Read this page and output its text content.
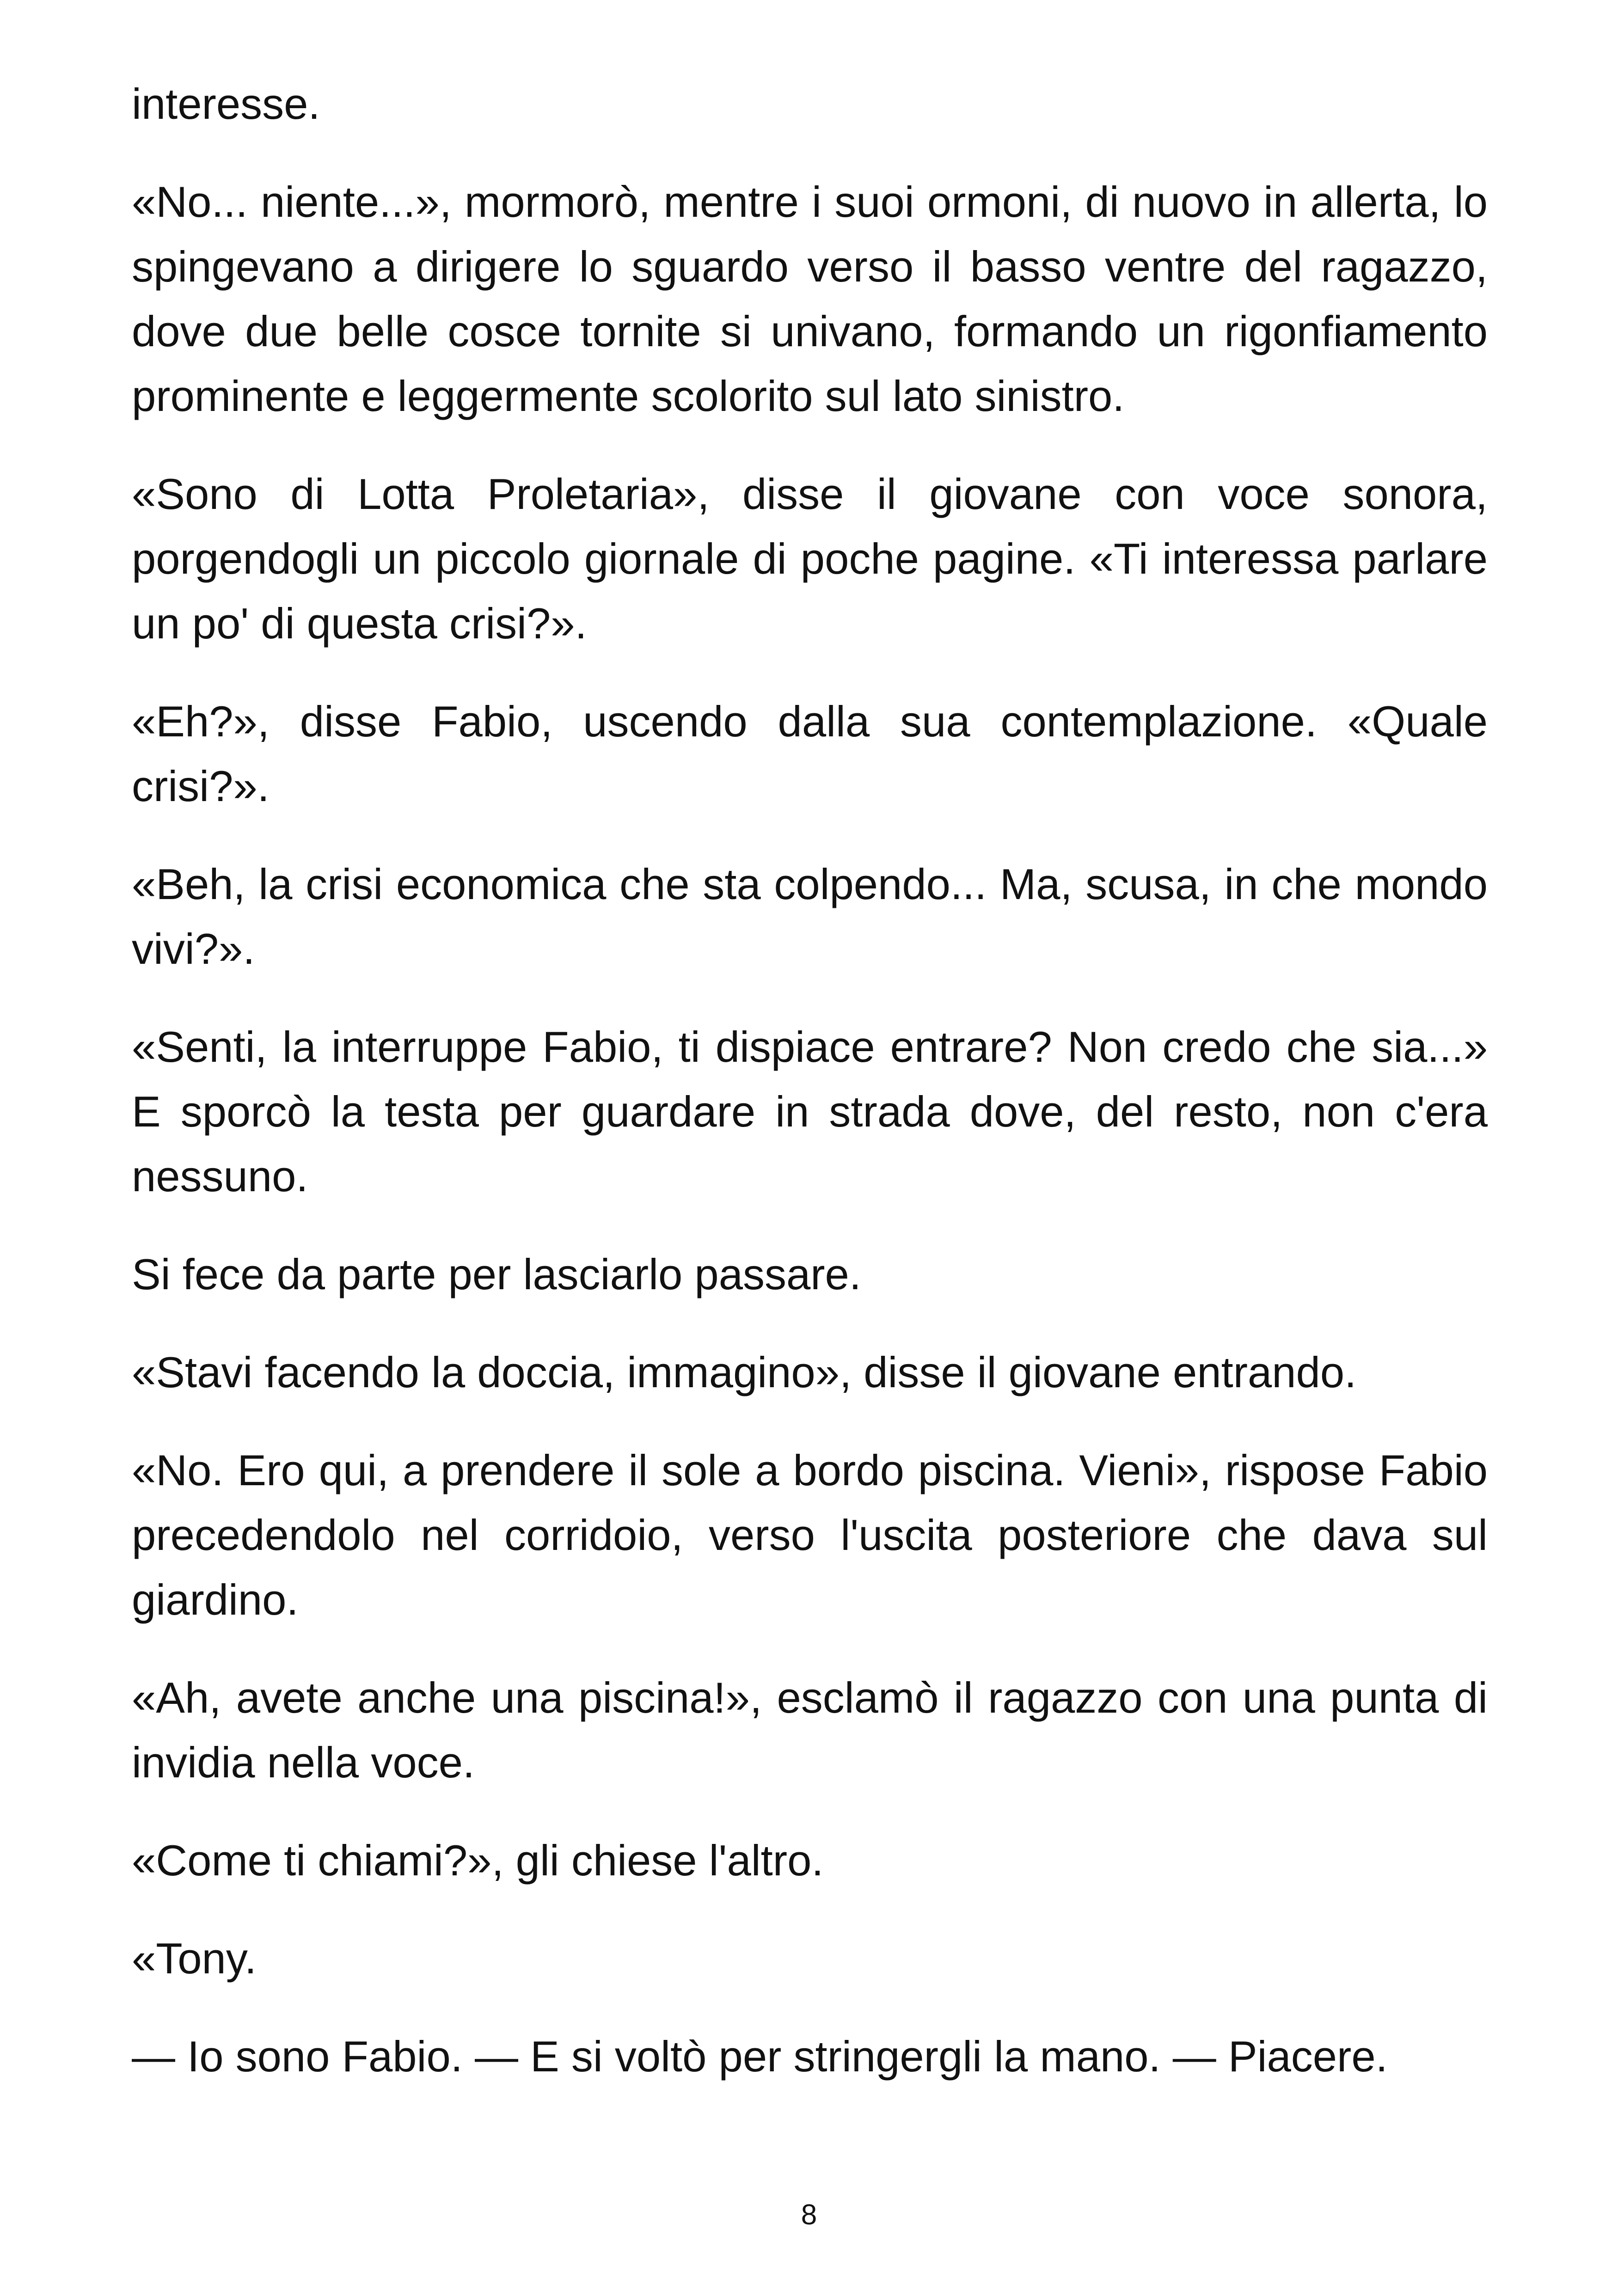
interesse.

«No... niente...», mormorò, mentre i suoi ormoni, di nuovo in allerta, lo spingevano a dirigere lo sguardo verso il basso ventre del ragazzo, dove due belle cosce tornite si univano, formando un rigonfiamento prominente e leggermente scolorito sul lato sinistro.

«Sono di Lotta Proletaria», disse il giovane con voce sonora, porgendogli un piccolo giornale di poche pagine. «Ti interessa parlare un po' di questa crisi?».

«Eh?», disse Fabio, uscendo dalla sua contemplazione. «Quale crisi?».

«Beh, la crisi economica che sta colpendo... Ma, scusa, in che mondo vivi?».

«Senti, la interruppe Fabio, ti dispiace entrare? Non credo che sia...» E sporcò la testa per guardare in strada dove, del resto, non c'era nessuno.

Si fece da parte per lasciarlo passare.

«Stavi facendo la doccia, immagino», disse il giovane entrando.

«No. Ero qui, a prendere il sole a bordo piscina. Vieni», rispose Fabio precedendolo nel corridoio, verso l'uscita posteriore che dava sul giardino.

«Ah, avete anche una piscina!», esclamò il ragazzo con una punta di invidia nella voce.

«Come ti chiami?», gli chiese l'altro.

«Tony.

— Io sono Fabio. — E si voltò per stringergli la mano. — Piacere.

8
